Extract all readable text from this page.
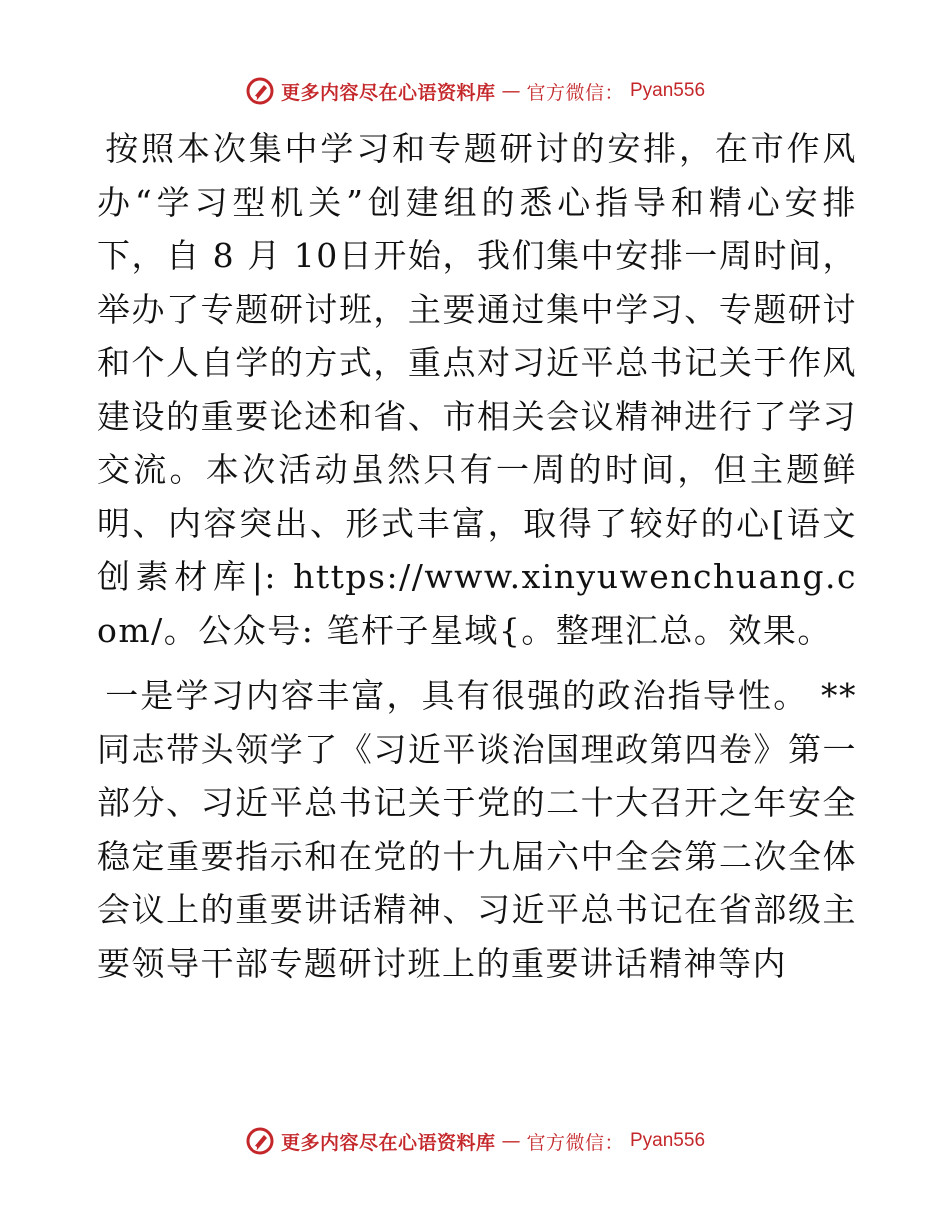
更多内容尽在心语资料库 — 官方微信： Pyan556

按照本次集中学习和专题研讨的安排，在市作风办“学习型机关”创建组的悉心指导和精心安排下，自 8 月 10日开始，我们集中安排一周时间，举办了专题研讨班，主要通过集中学习、专题研讨和个人自学的方式，重点对习近平总书记关于作风建设的重要论述和省、市相关会议精神进行了学习交流。本次活动虽然只有一周的时间，但主题鲜明、内容突出、形式丰富，取得了较好的心[语文创素材库|: https://www.xinyuwenchuang.com/。公众号: 笔杆子星域{。整理汇总。效果。

一是学习内容丰富，具有很强的政治指导性。 **同志带头领学了《习近平谈治国理政第四卷》第一部分、习近平总书记关于党的二十大召开之年安全稳定重要指示和在党的十九届六中全会第二次全体会议上的重要讲话精神、习近平总书记在省部级主要领导干部专题研讨班上的重要讲话精神等内

更多内容尽在心语资料库 — 官方微信： Pyan556
